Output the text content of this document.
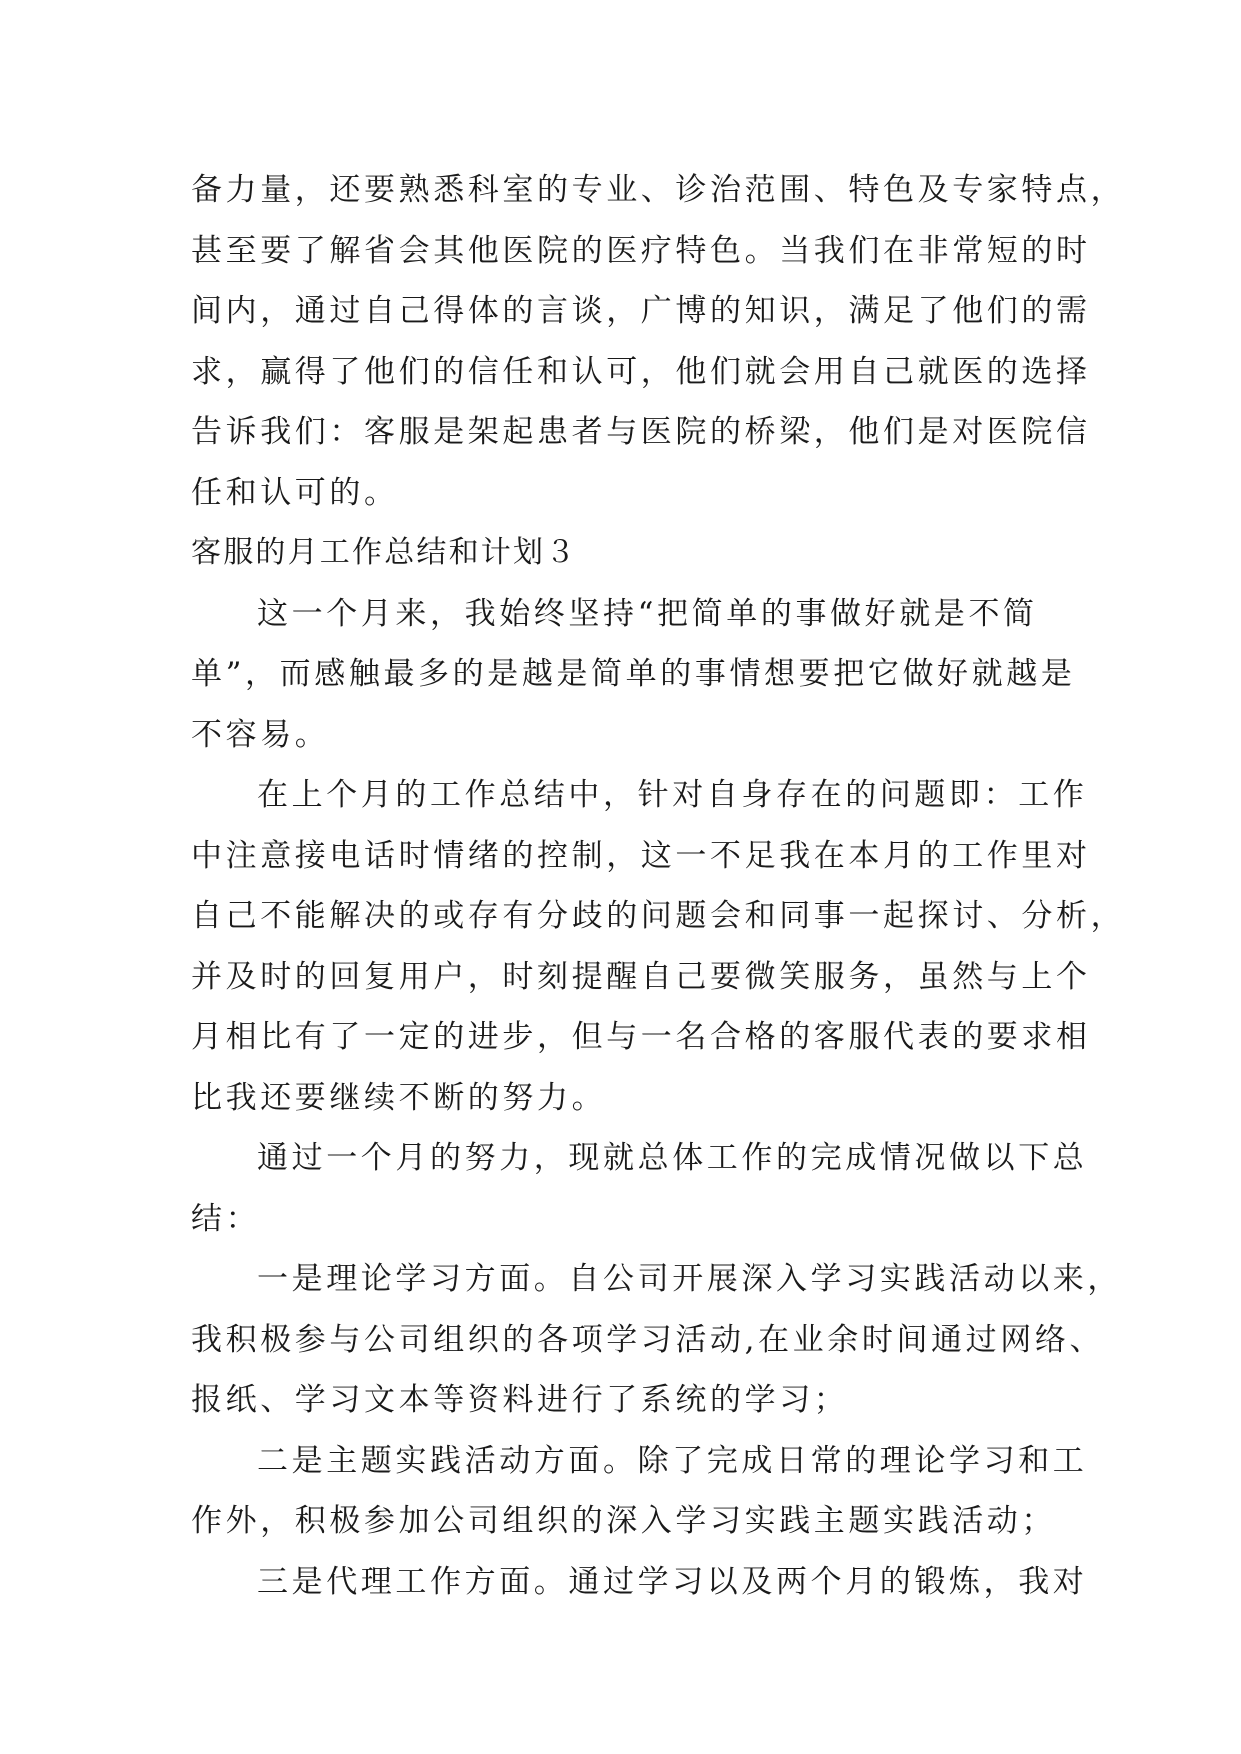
备力量，还要熟悉科室的专业、诊治范围、特色及专家特点，
甚至要了解省会其他医院的医疗特色。当我们在非常短的时
间内，通过自己得体的言谈，广博的知识，满足了他们的需
求，赢得了他们的信任和认可，他们就会用自己就医的选择
告诉我们：客服是架起患者与医院的桥梁，他们是对医院信
任和认可的。
客服的月工作总结和计划３
这一个月来，我始终坚持“把简单的事做好就是不简
单”，而感触最多的是越是简单的事情想要把它做好就越是
不容易。
在上个月的工作总结中，针对自身存在的问题即：工作
中注意接电话时情绪的控制，这一不足我在本月的工作里对
自己不能解决的或存有分歧的问题会和同事一起探讨、分析，
并及时的回复用户，时刻提醒自己要微笑服务，虽然与上个
月相比有了一定的进步，但与一名合格的客服代表的要求相
比我还要继续不断的努力。
通过一个月的努力，现就总体工作的完成情况做以下总
结：
一是理论学习方面。自公司开展深入学习实践活动以来，
我积极参与公司组织的各项学习活动,在业余时间通过网络、
报纸、学习文本等资料进行了系统的学习；
二是主题实践活动方面。除了完成日常的理论学习和工
作外，积极参加公司组织的深入学习实践主题实践活动；
三是代理工作方面。通过学习以及两个月的锻炼，我对
